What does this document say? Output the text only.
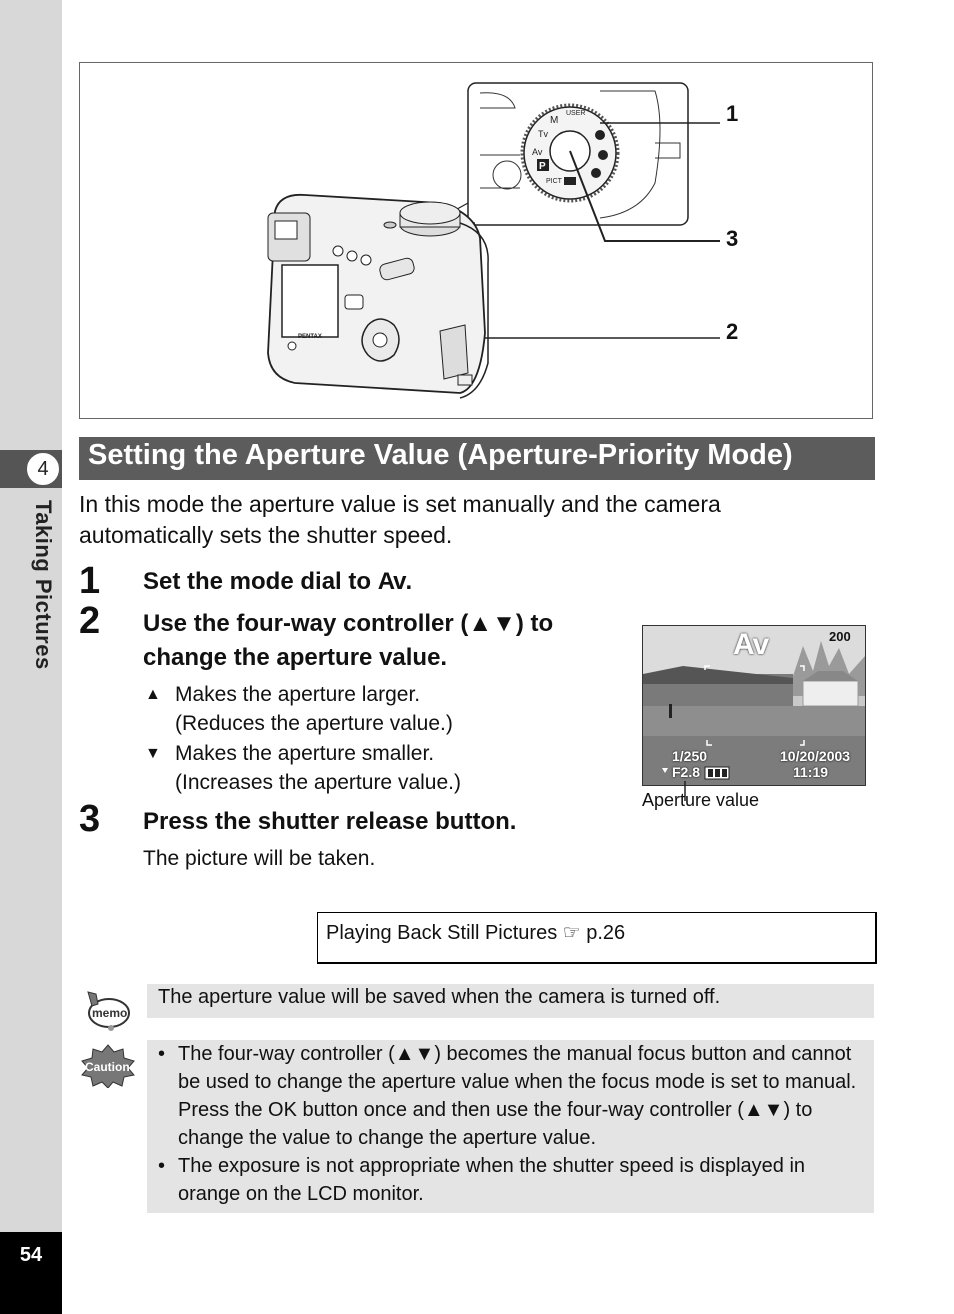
4
Taking Pictures
54
P
Av
Tv
M
USER
PICT
PENTAX
1
3
2
Setting the Aperture Value (Aperture-Priority Mode)
In this mode the aperture value is set manually and the camera automatically sets the shutter speed.
1 Set the mode dial to Av.
2 Use the four-way controller (▲▼) to
change the aperture value.
▲ Makes the aperture larger.
(Reduces the aperture value.)
▼ Makes the aperture smaller.
(Increases the aperture value.)
3 Press the shutter release button.
The picture will be taken.
Av	200
1/250
F2.8
10/20/2003
11:19
Aperture value
Playing Back Still Pictures ☞ p.26
memo
The aperture value will be saved when the camera is turned off.
Caution
• The four-way controller (▲▼) becomes the manual focus button and cannot be used to change the aperture value when the focus mode is set to manual. Press the OK button once and then use the four-way controller (▲▼) to change the value to change the aperture value.
• The exposure is not appropriate when the shutter speed is displayed in orange on the LCD monitor.
